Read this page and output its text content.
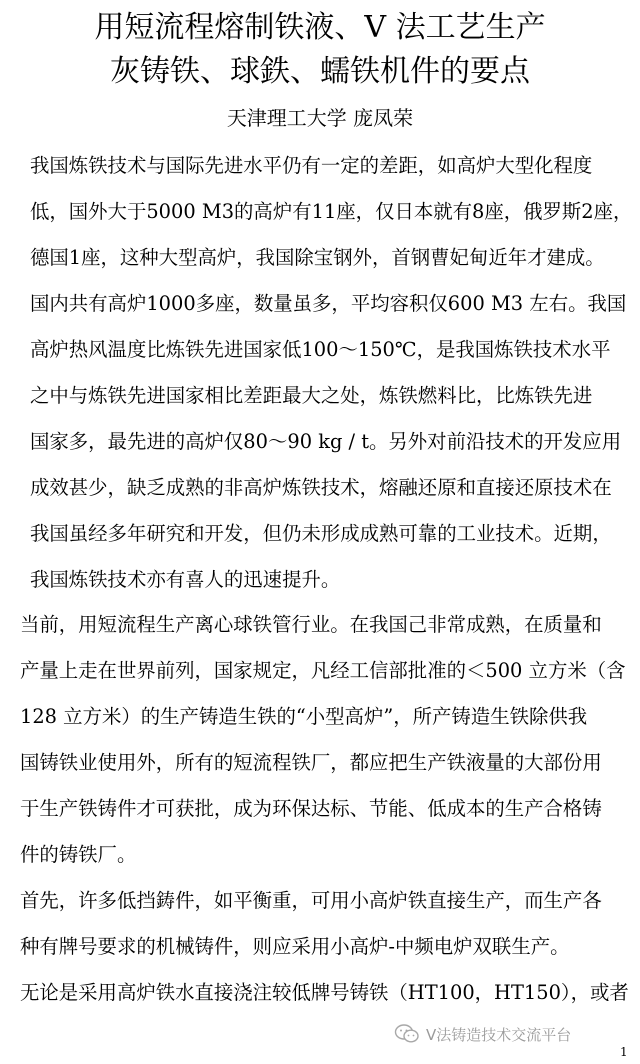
用短流程熔制铁液、V 法工艺生产
灰铸铁、球鉄、蠕铁机件的要点
天津理工大学 庞凤荣
我国炼铁技术与国际先进水平仍有一定的差距，如高炉大型化程度
低，国外大于5000 M3的高炉有11座，仅日本就有8座，俄罗斯2座，
德国1座，这种大型高炉，我国除宝钢外，首钢曹妃甸近年才建成。
国内共有高炉1000多座，数量虽多，平均容积仅600 M3 左右。我国
高炉热风温度比炼铁先进国家低100～150℃，是我国炼铁技术水平
之中与炼铁先进国家相比差距最大之处，炼铁燃料比，比炼铁先进
国家多，最先进的高炉仅80～90 kg / t。另外对前沿技术的开发应用
成效甚少，缺乏成熟的非高炉炼铁技术，熔融还原和直接还原技术在
我国虽经多年研究和开发，但仍未形成成熟可靠的工业技术。近期，
我国炼铁技术亦有喜人的迅速提升。
当前，用短流程生产离心球铁管行业。在我国己非常成熟，在质量和
产量上走在世界前列，国家规定，凡经工信部批准的＜500 立方米（含
128 立方米）的生产铸造生铁的“小型高炉”，所产铸造生铁除供我
国铸铁业使用外，所有的短流程铁厂，都应把生产铁液量的大部份用
于生产铁铸件才可获批，成为环保达标、节能、低成本的生产合格铸
件的铸铁厂。
首先，许多低挡鋳件，如平衡重，可用小高炉铁直接生产，而生产各
种有牌号要求的机械铸件，则应采用小高炉-中频电炉双联生产。
无论是采用高炉铁水直接浇注较低牌号铸铁（HT100，HT150），或者
V法铸造技术交流平台
1
